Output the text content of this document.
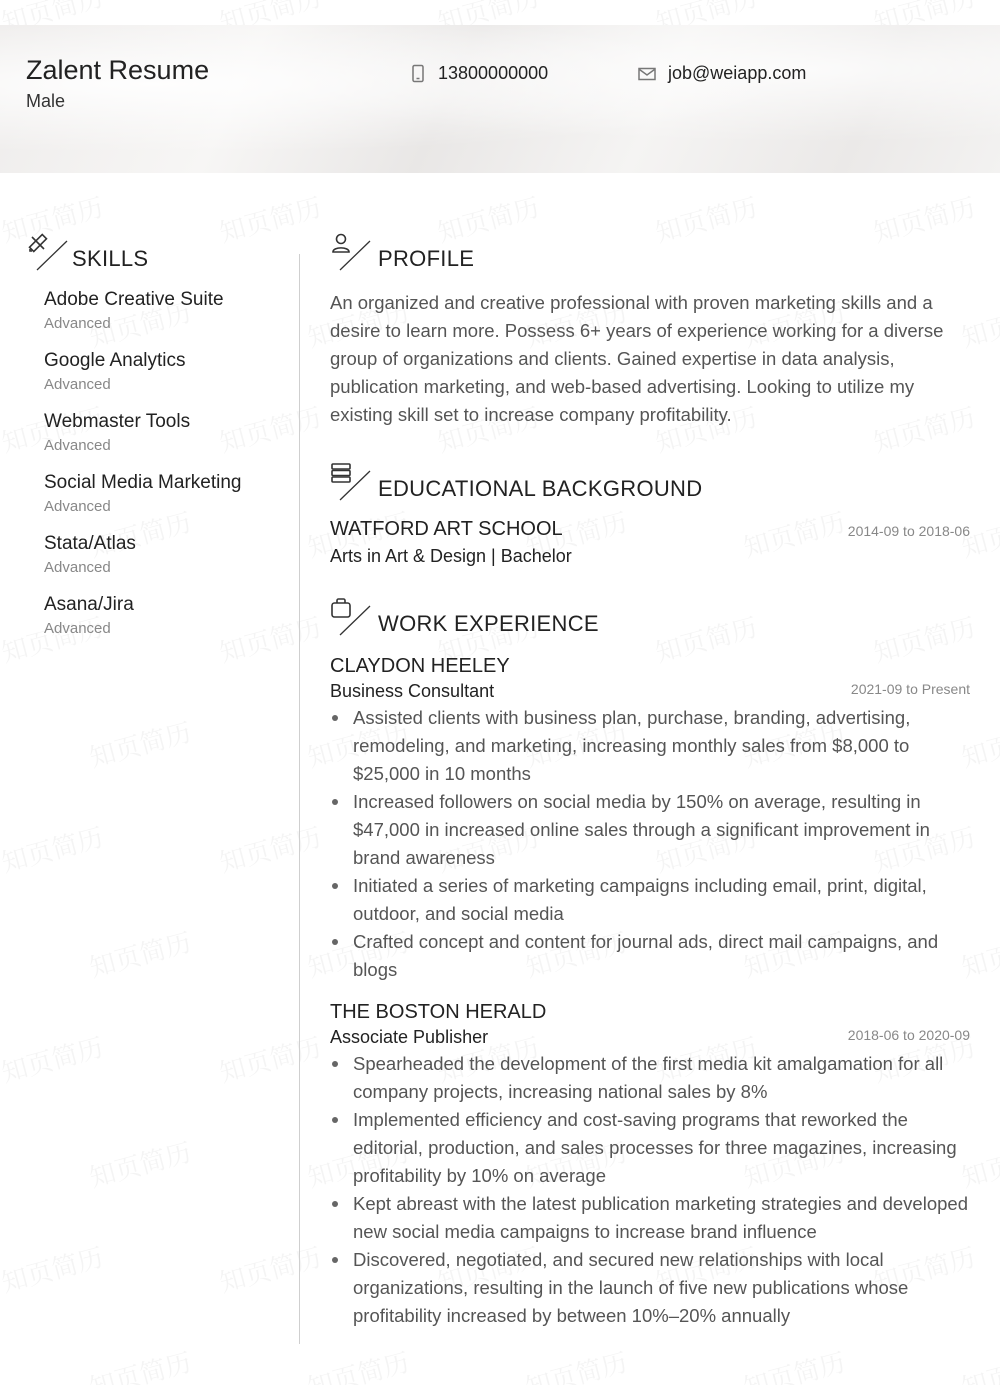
Zalent Resume
Male
13800000000	job@weiapp.com
SKILLS
Adobe Creative Suite
Advanced
Google Analytics
Advanced
Webmaster Tools
Advanced
Social Media Marketing
Advanced
Stata/Atlas
Advanced
Asana/Jira
Advanced
PROFILE
An organized and creative professional with proven marketing skills and a desire to learn more. Possess 6+ years of experience working for a diverse group of organizations and clients. Gained expertise in data analysis, publication marketing, and web-based advertising. Looking to utilize my existing skill set to increase company profitability.
EDUCATIONAL BACKGROUND
WATFORD ART SCHOOL	2014-09 to 2018-06
Arts in Art & Design | Bachelor
WORK EXPERIENCE
CLAYDON HEELEY
Business Consultant	2021-09 to Present
Assisted clients with business plan, purchase, branding, advertising, remodeling, and marketing, increasing monthly sales from $8,000 to $25,000 in 10 months
Increased followers on social media by 150% on average, resulting in $47,000 in increased online sales through a significant improvement in brand awareness
Initiated a series of marketing campaigns including email, print, digital, outdoor, and social media
Crafted concept and content for journal ads, direct mail campaigns, and blogs
THE BOSTON HERALD
Associate Publisher	2018-06 to 2020-09
Spearheaded the development of the first media kit amalgamation for all company projects, increasing national sales by 8%
Implemented efficiency and cost-saving programs that reworked the editorial, production, and sales processes for three magazines, increasing profitability by 10% on average
Kept abreast with the latest publication marketing strategies and developed new social media campaigns to increase brand influence
Discovered, negotiated, and secured new relationships with local organizations, resulting in the launch of five new publications whose profitability increased by between 10%–20% annually
